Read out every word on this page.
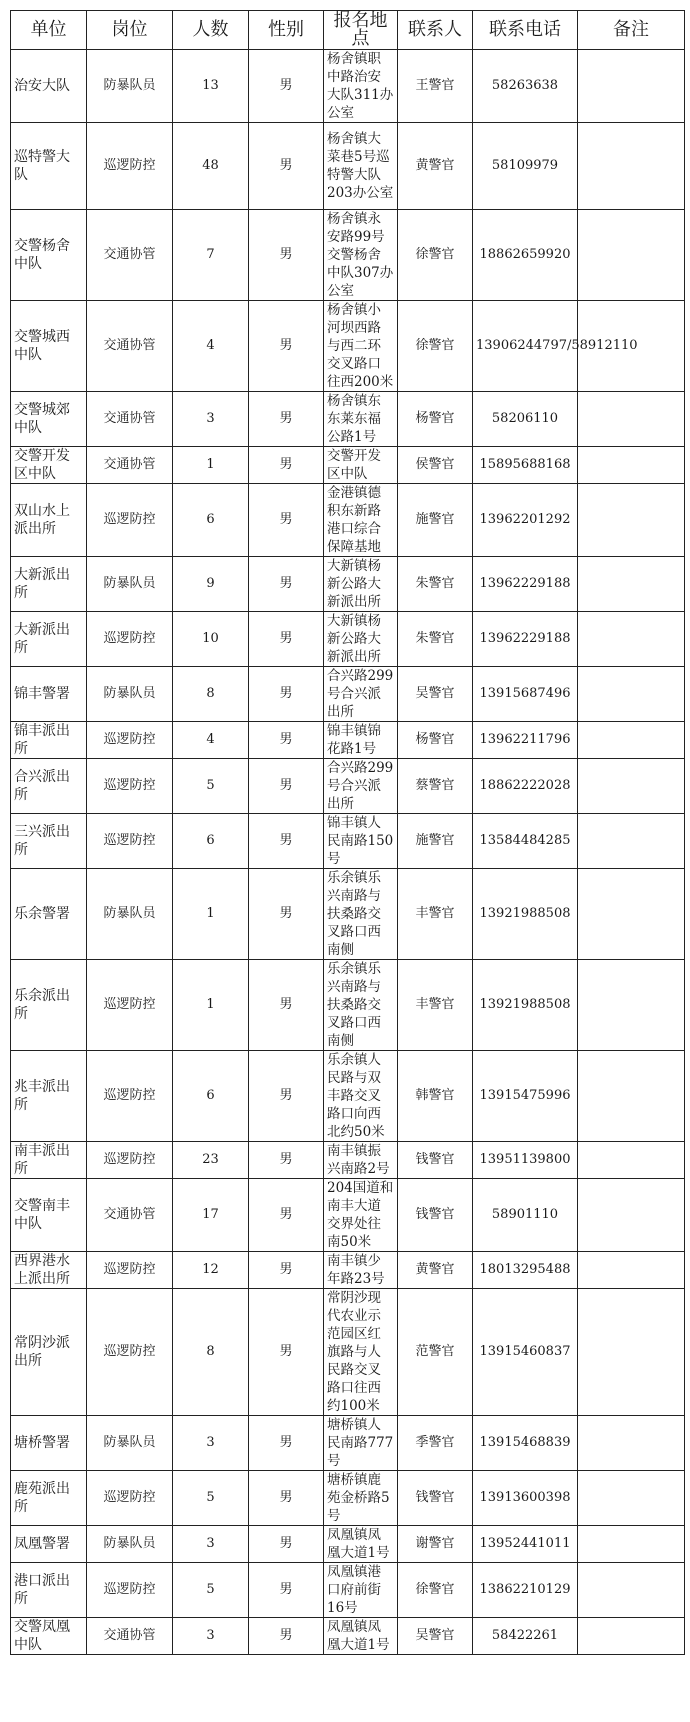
单位	岗位	人数	性别	报名地点	联系人	联系电话	备注
治安大队	防暴队员	13	男	杨舍镇职中路治安大队311办公室	王警官	58263638	
巡特警大队	巡逻防控	48	男	杨舍镇大菜巷5号巡特警大队203办公室	黄警官	58109979	
交警杨舍中队	交通协管	7	男	杨舍镇永安路99号交警杨舍中队307办公室	徐警官	18862659920	
交警城西中队	交通协管	4	男	杨舍镇小河坝西路与西二环交叉路口往西200米	徐警官	13906244797/58912110	
交警城郊中队	交通协管	3	男	杨舍镇东东莱东福公路1号	杨警官	58206110	
交警开发区中队	交通协管	1	男	交警开发区中队	侯警官	15895688168	
双山水上派出所	巡逻防控	6	男	金港镇德积东新路港口综合保障基地	施警官	13962201292	
大新派出所	防暴队员	9	男	大新镇杨新公路大新派出所	朱警官	13962229188	
大新派出所	巡逻防控	10	男	大新镇杨新公路大新派出所	朱警官	13962229188	
锦丰警署	防暴队员	8	男	合兴路299号合兴派出所	吴警官	13915687496	
锦丰派出所	巡逻防控	4	男	锦丰镇锦花路1号	杨警官	13962211796	
合兴派出所	巡逻防控	5	男	合兴路299号合兴派出所	蔡警官	18862222028	
三兴派出所	巡逻防控	6	男	锦丰镇人民南路150号	施警官	13584484285	
乐余警署	防暴队员	1	男	乐余镇乐兴南路与扶桑路交叉路口西南侧	丰警官	13921988508	
乐余派出所	巡逻防控	1	男	乐余镇乐兴南路与扶桑路交叉路口西南侧	丰警官	13921988508	
兆丰派出所	巡逻防控	6	男	乐余镇人民路与双丰路交叉路口向西北约50米	韩警官	13915475996	
南丰派出所	巡逻防控	23	男	南丰镇振兴南路2号	钱警官	13951139800	
交警南丰中队	交通协管	17	男	204国道和南丰大道交界处往南50米	钱警官	58901110	
西界港水上派出所	巡逻防控	12	男	南丰镇少年路23号	黄警官	18013295488	
常阴沙派出所	巡逻防控	8	男	常阴沙现代农业示范园区红旗路与人民路交叉路口往西约100米	范警官	13915460837	
塘桥警署	防暴队员	3	男	塘桥镇人民南路777号	季警官	13915468839	
鹿苑派出所	巡逻防控	5	男	塘桥镇鹿苑金桥路5号	钱警官	13913600398	
凤凰警署	防暴队员	3	男	凤凰镇凤凰大道1号	谢警官	13952441011	
港口派出所	巡逻防控	5	男	凤凰镇港口府前街16号	徐警官	13862210129	
交警凤凰中队	交通协管	3	男	凤凰镇凤凰大道1号	吴警官	58422261	
